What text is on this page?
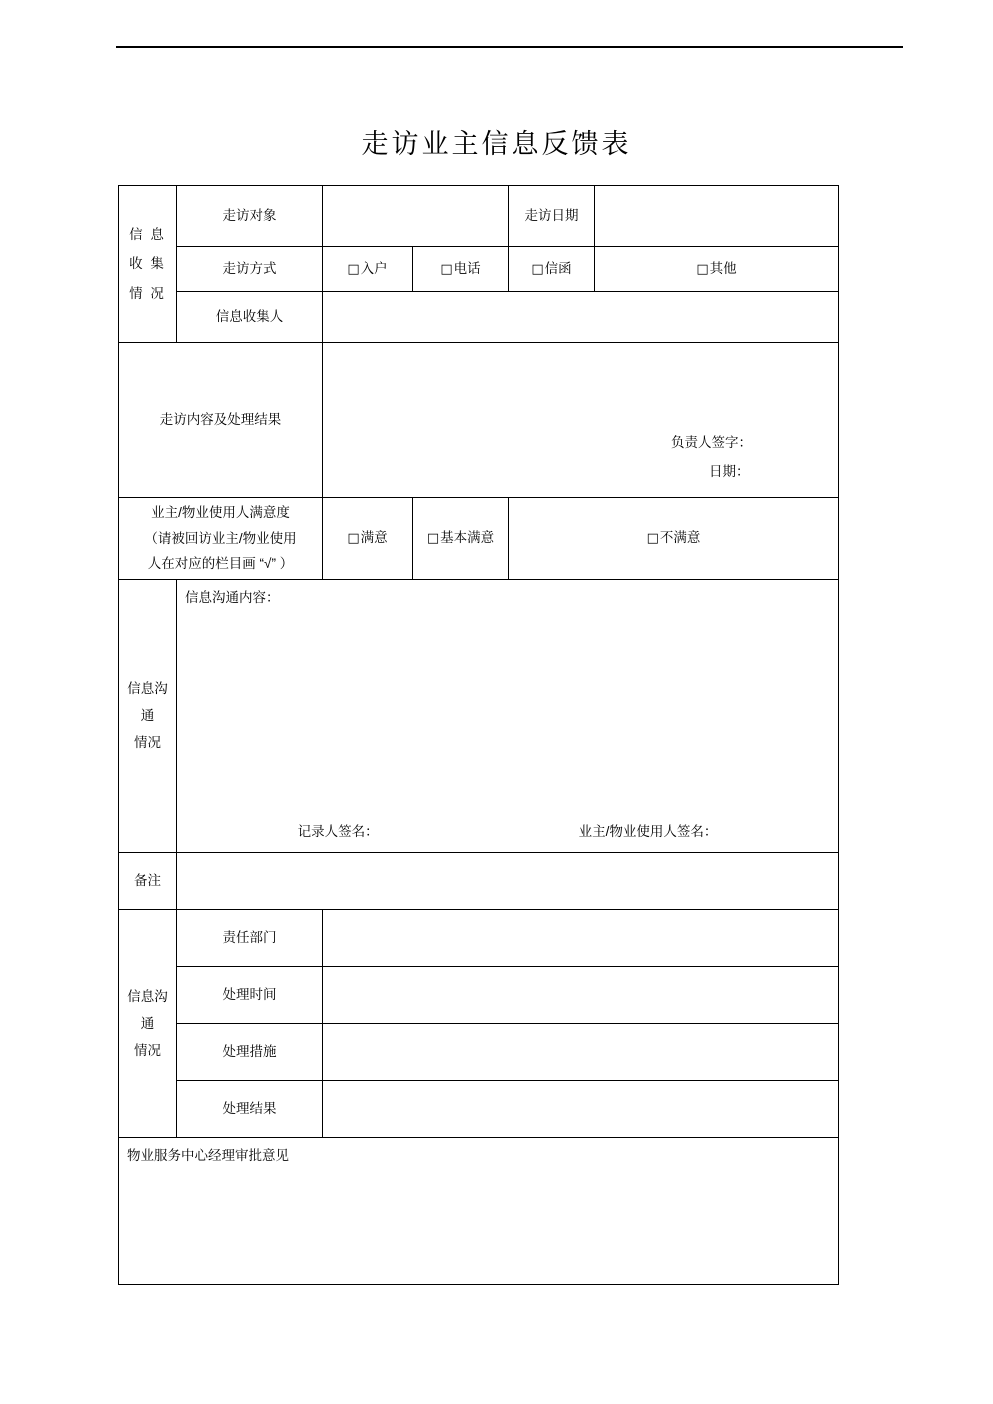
走访业主信息反馈表
信 息
收 集
情 况	走访对象			走访日期	
	走访方式	□入户	□电话	□信函	□其他
	信息收集人				
走访内容及处理结果		负责人签字：
日期：			

业主/物业使用人满意度
（请被回访业主/物业使用
人在对应的栏目画 “√” ）		□满意	□基本满意	□不满意	

信息沟通
情况	信息沟通内容：
记录人签名： 业主/物业使用人签名：				

备注					

信息沟通
情况	责任部门				
	处理时间				
	处理措施				
	处理结果				

物业服务中心经理审批意见					
